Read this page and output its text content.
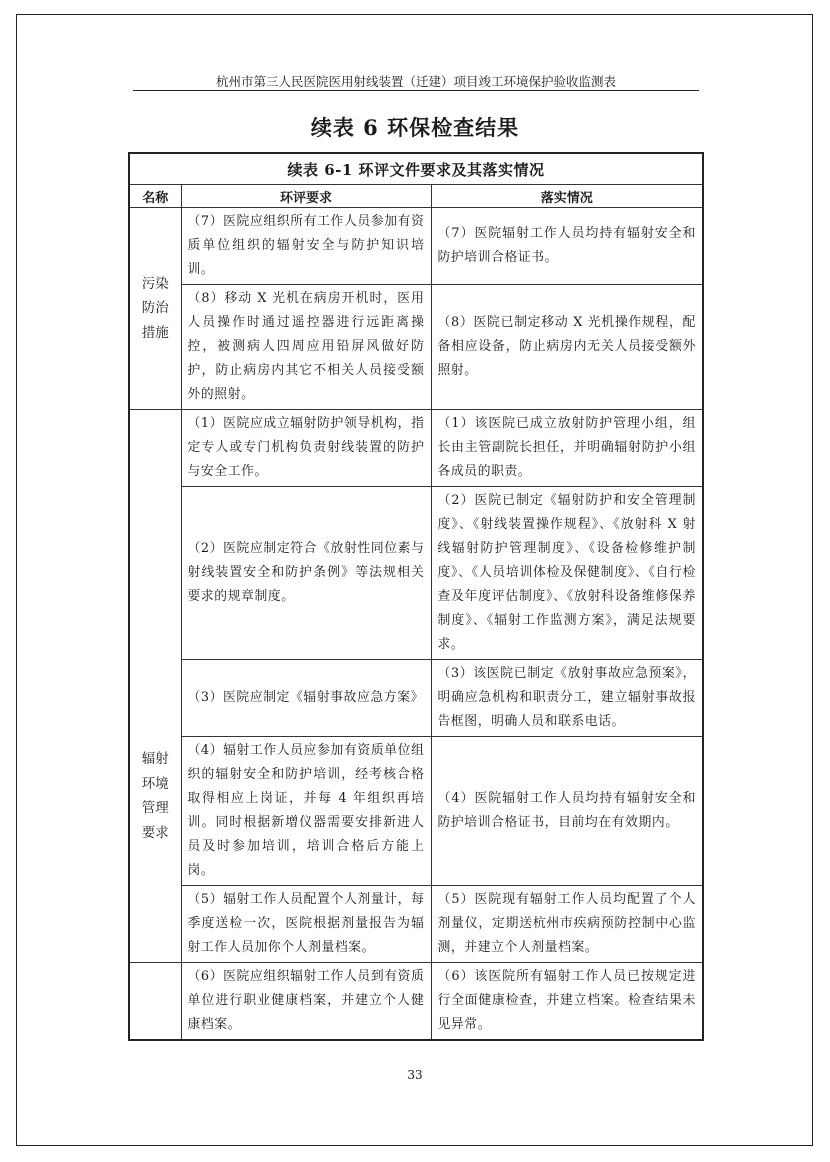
杭州市第三人民医院医用射线装置（迁建）项目竣工环境保护验收监测表
续表 6 环保检查结果
续表 6-1 环评文件要求及其落实情况		
名称	环评要求	落实情况
污染防治措施	（7）医院应组织所有工作人员参加有资质单位组织的辐射安全与防护知识培训。	（7）医院辐射工作人员均持有辐射安全和防护培训合格证书。
	（8）移动 X 光机在病房开机时，医用人员操作时通过遥控器进行远距离操控，被测病人四周应用铅屏风做好防护，防止病房内其它不相关人员接受额外的照射。	（8）医院已制定移动 X 光机操作规程，配备相应设备，防止病房内无关人员接受额外照射。
辐射环境管理要求	（1）医院应成立辐射防护领导机构，指定专人或专门机构负责射线装置的防护与安全工作。	（1）该医院已成立放射防护管理小组，组长由主管副院长担任，并明确辐射防护小组各成员的职责。
	（2）医院应制定符合《放射性同位素与射线装置安全和防护条例》等法规相关要求的规章制度。	（2）医院已制定《辐射防护和安全管理制度》、《射线装置操作规程》、《放射科 X 射线辐射防护管理制度》、《设备检修维护制度》、《人员培训体检及保健制度》、《自行检查及年度评估制度》、《放射科设备维修保养制度》、《辐射工作监测方案》，满足法规要求。
	（3）医院应制定《辐射事故应急方案》	（3）该医院已制定《放射事故应急预案》，明确应急机构和职责分工，建立辐射事故报告框图，明确人员和联系电话。
	（4）辐射工作人员应参加有资质单位组织的辐射安全和防护培训，经考核合格取得相应上岗证，并每 4 年组织再培训。同时根据新增仪器需要安排新进人员及时参加培训，培训合格后方能上岗。	（4）医院辐射工作人员均持有辐射安全和防护培训合格证书，目前均在有效期内。
	（5）辐射工作人员配置个人剂量计，每季度送检一次，医院根据剂量报告为辐射工作人员加你个人剂量档案。	（5）医院现有辐射工作人员均配置了个人剂量仪，定期送杭州市疾病预防控制中心监测，并建立个人剂量档案。
	（6）医院应组织辐射工作人员到有资质单位进行职业健康档案，并建立个人健康档案。	（6）该医院所有辐射工作人员已按规定进行全面健康检查，并建立档案。检查结果未见异常。
33
